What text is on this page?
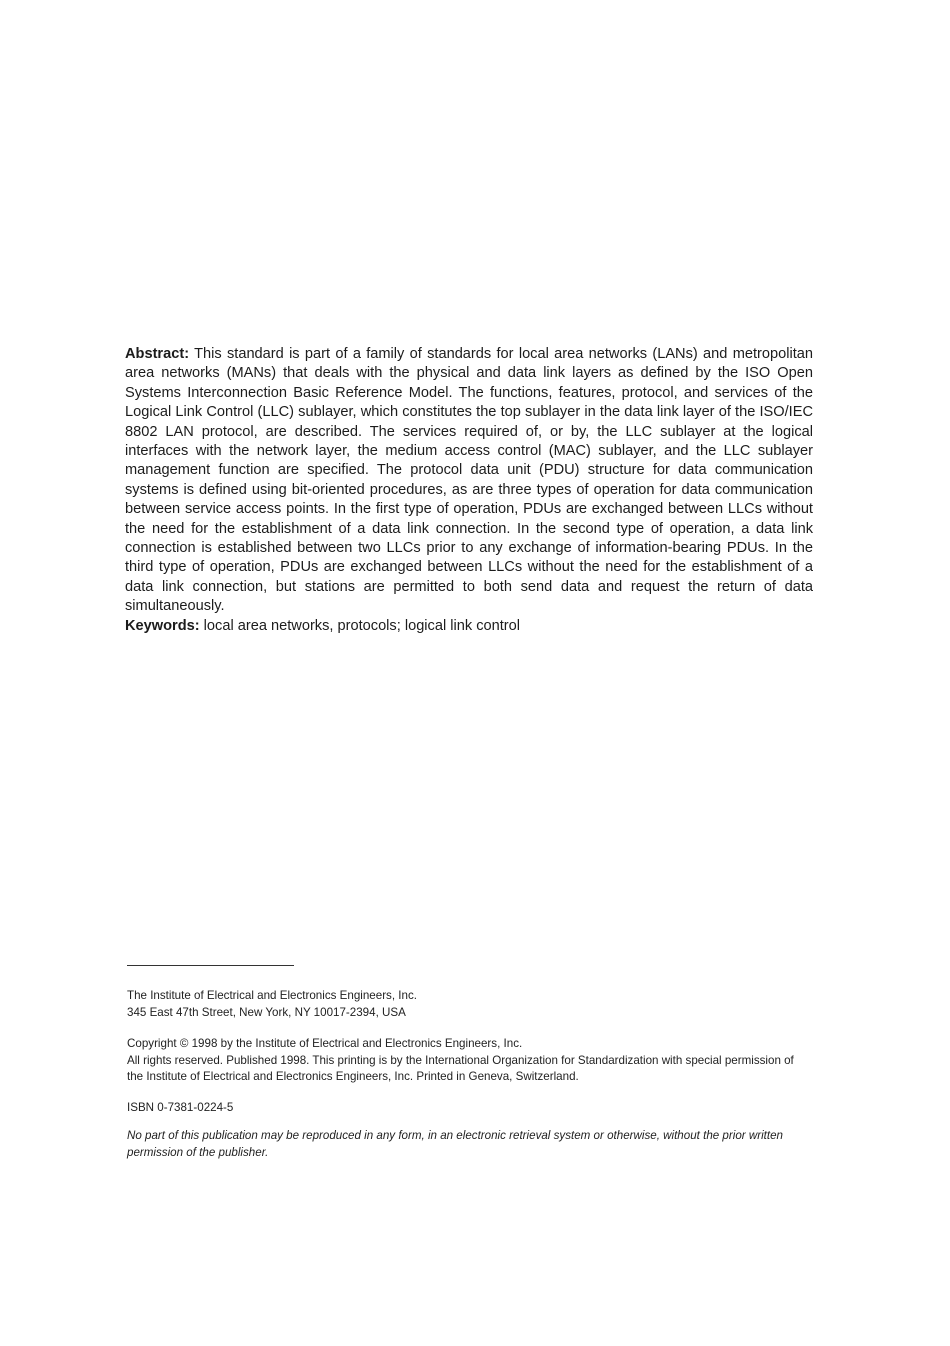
Abstract: This standard is part of a family of standards for local area networks (LANs) and metropolitan area networks (MANs) that deals with the physical and data link layers as defined by the ISO Open Systems Interconnection Basic Reference Model. The functions, features, protocol, and services of the Logical Link Control (LLC) sublayer, which constitutes the top sublayer in the data link layer of the ISO/IEC 8802 LAN protocol, are described. The services required of, or by, the LLC sublayer at the logical interfaces with the network layer, the medium access control (MAC) sublayer, and the LLC sublayer management function are specified. The protocol data unit (PDU) structure for data communication systems is defined using bit-oriented procedures, as are three types of operation for data communication between service access points. In the first type of operation, PDUs are exchanged between LLCs without the need for the establishment of a data link connection. In the second type of operation, a data link connection is established between two LLCs prior to any exchange of information-bearing PDUs. In the third type of operation, PDUs are exchanged between LLCs without the need for the establishment of a data link connection, but stations are permitted to both send data and request the return of data simultaneously.

Keywords: local area networks, protocols; logical link control

The Institute of Electrical and Electronics Engineers, Inc.

345 East 47th Street, New York, NY 10017-2394, USA

Copyright © 1998 by the Institute of Electrical and Electronics Engineers, Inc.

All rights reserved. Published 1998. This printing is by the International Organization for Standardization with special permission of the Institute of Electrical and Electronics Engineers, Inc. Printed in Geneva, Switzerland.

ISBN 0-7381-0224-5

No part of this publication may be reproduced in any form, in an electronic retrieval system or otherwise, without the prior written permission of the publisher.
